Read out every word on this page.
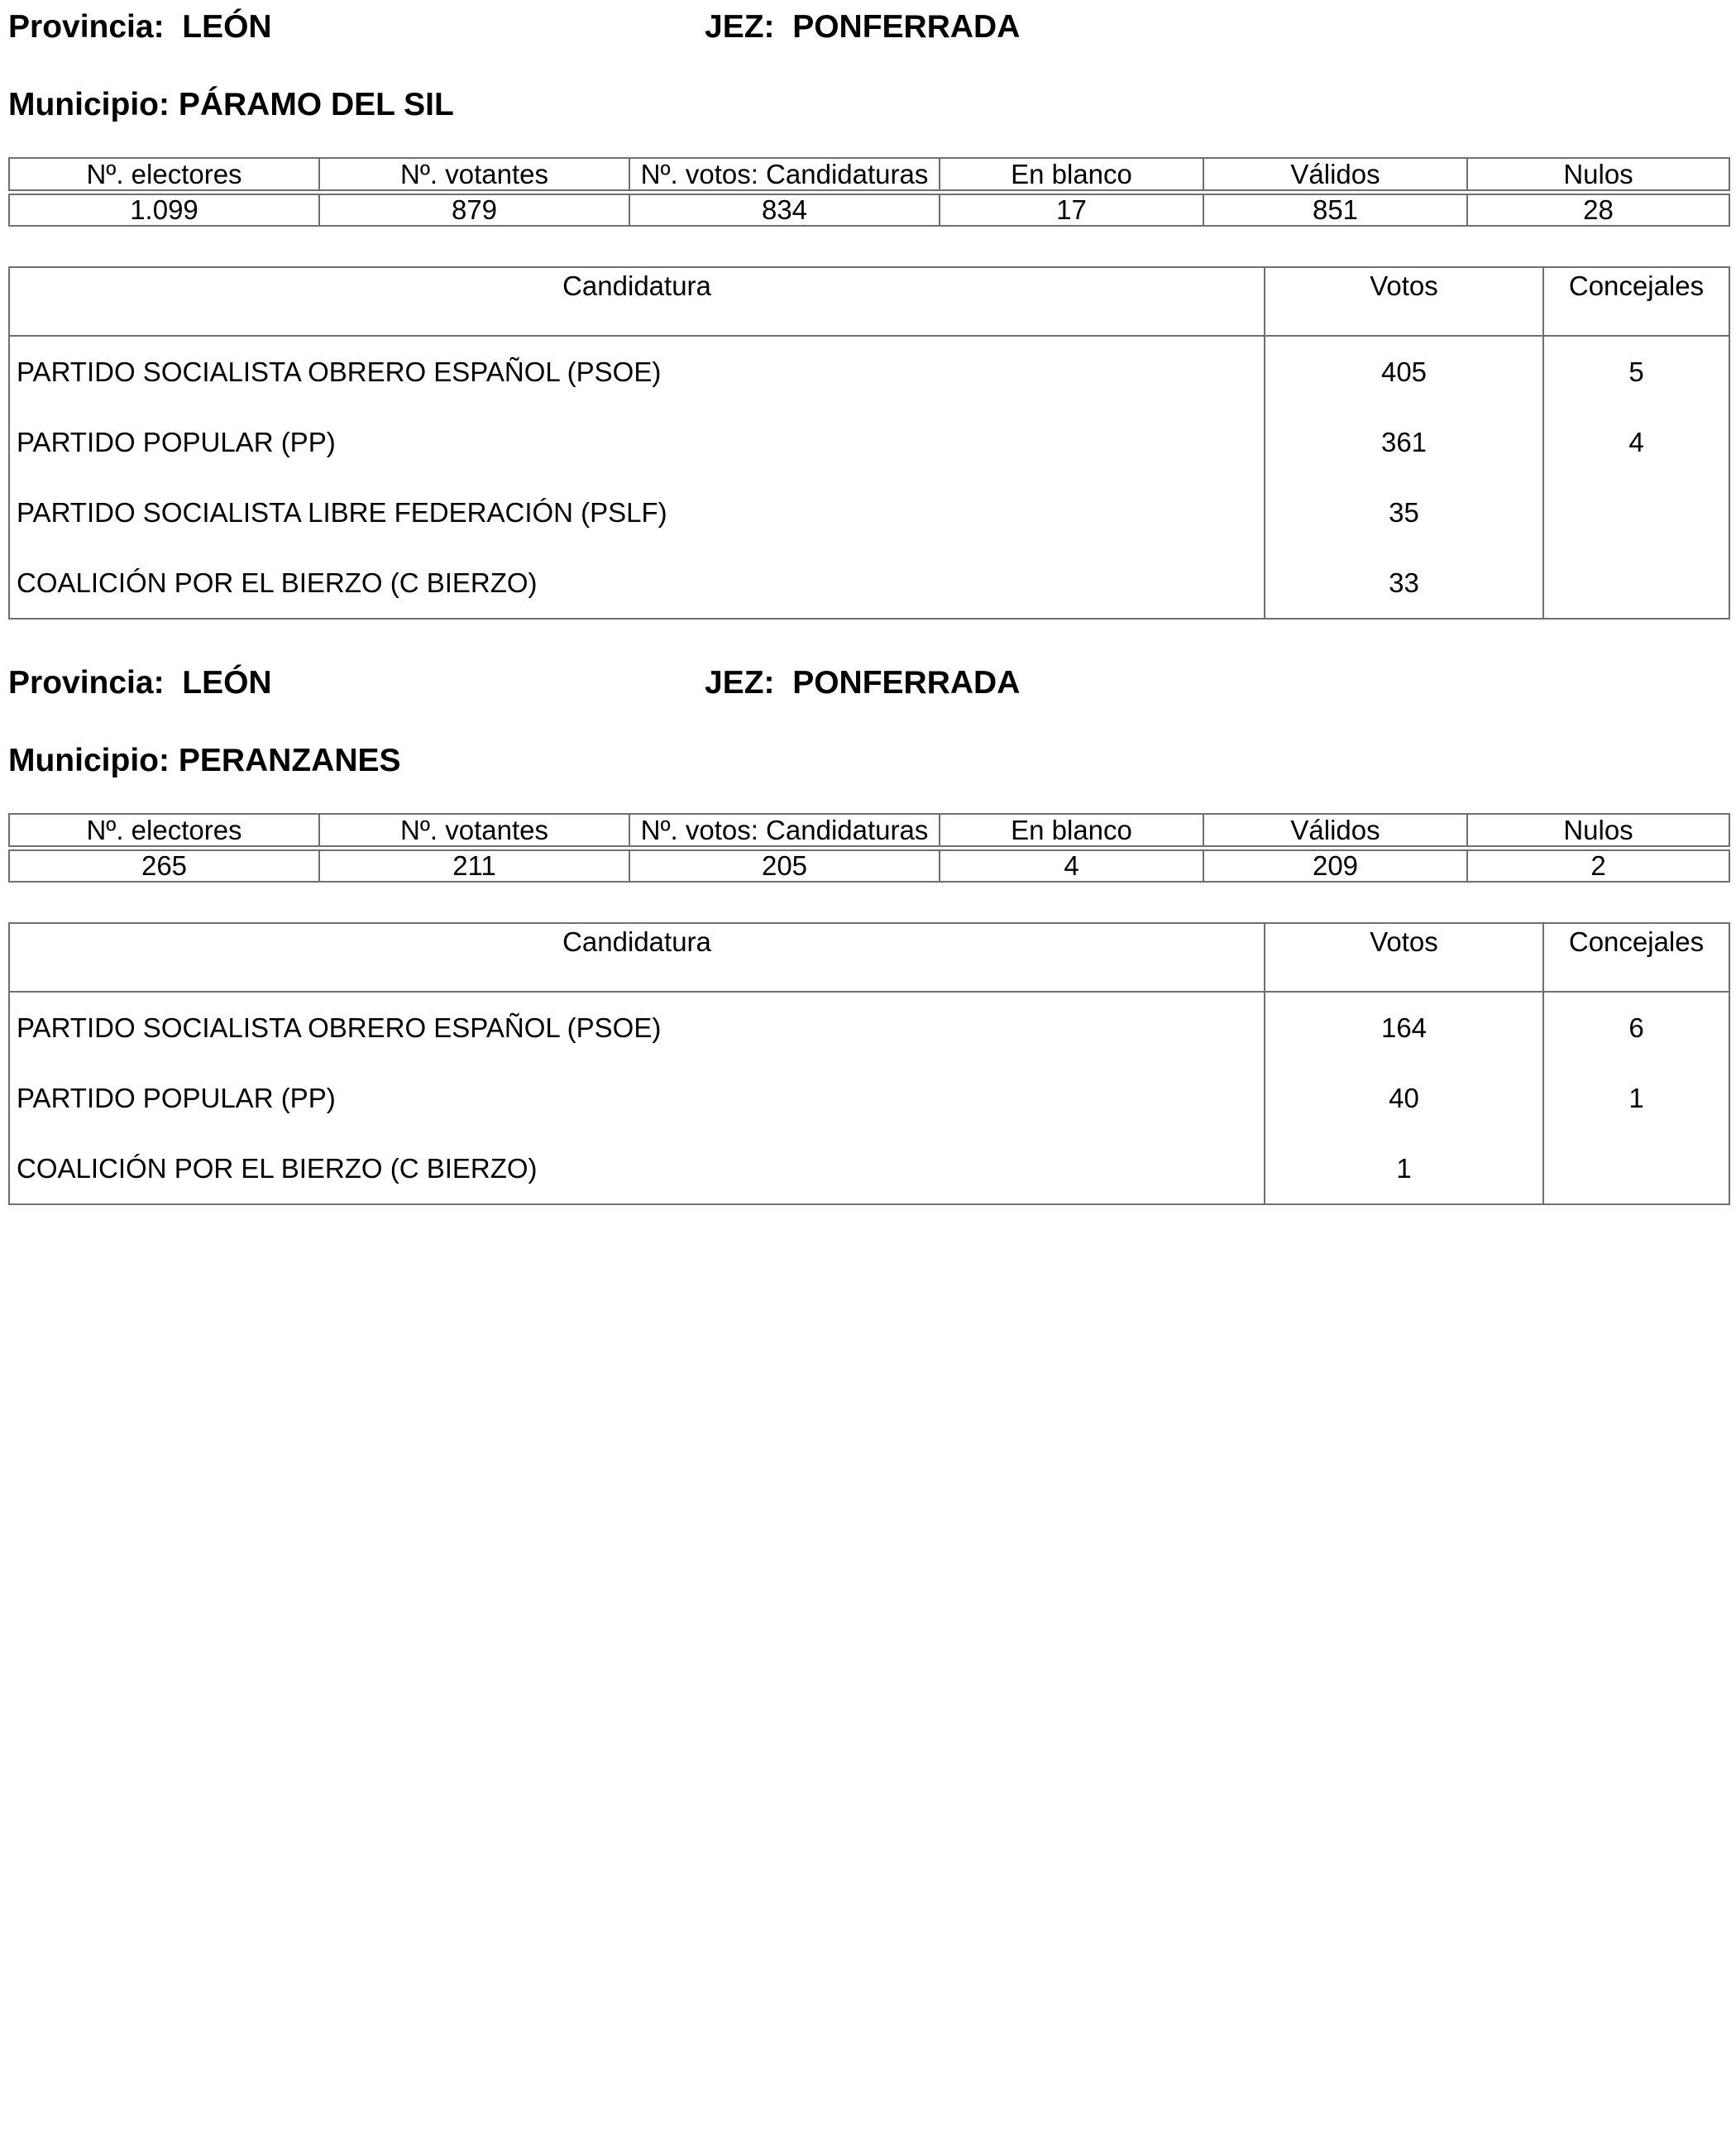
Provincia: LEÓN	JEZ: PONFERRADA
Municipio: PÁRAMO DEL SIL
Nº. electores	Nº. votantes	Nº. votos: Candidaturas	En blanco	Válidos	Nulos
1.099	879	834	17	851	28
Candidatura	Votos	Concejales
PARTIDO SOCIALISTA OBRERO ESPAÑOL (PSOE)	405	5
PARTIDO POPULAR (PP)	361	4
PARTIDO SOCIALISTA LIBRE FEDERACIÓN (PSLF)	35	
COALICIÓN POR EL BIERZO (C BIERZO)	33	
Provincia: LEÓN	JEZ: PONFERRADA
Municipio: PERANZANES
Nº. electores	Nº. votantes	Nº. votos: Candidaturas	En blanco	Válidos	Nulos
265	211	205	4	209	2
Candidatura	Votos	Concejales
PARTIDO SOCIALISTA OBRERO ESPAÑOL (PSOE)	164	6
PARTIDO POPULAR (PP)	40	1
COALICIÓN POR EL BIERZO (C BIERZO)	1	
